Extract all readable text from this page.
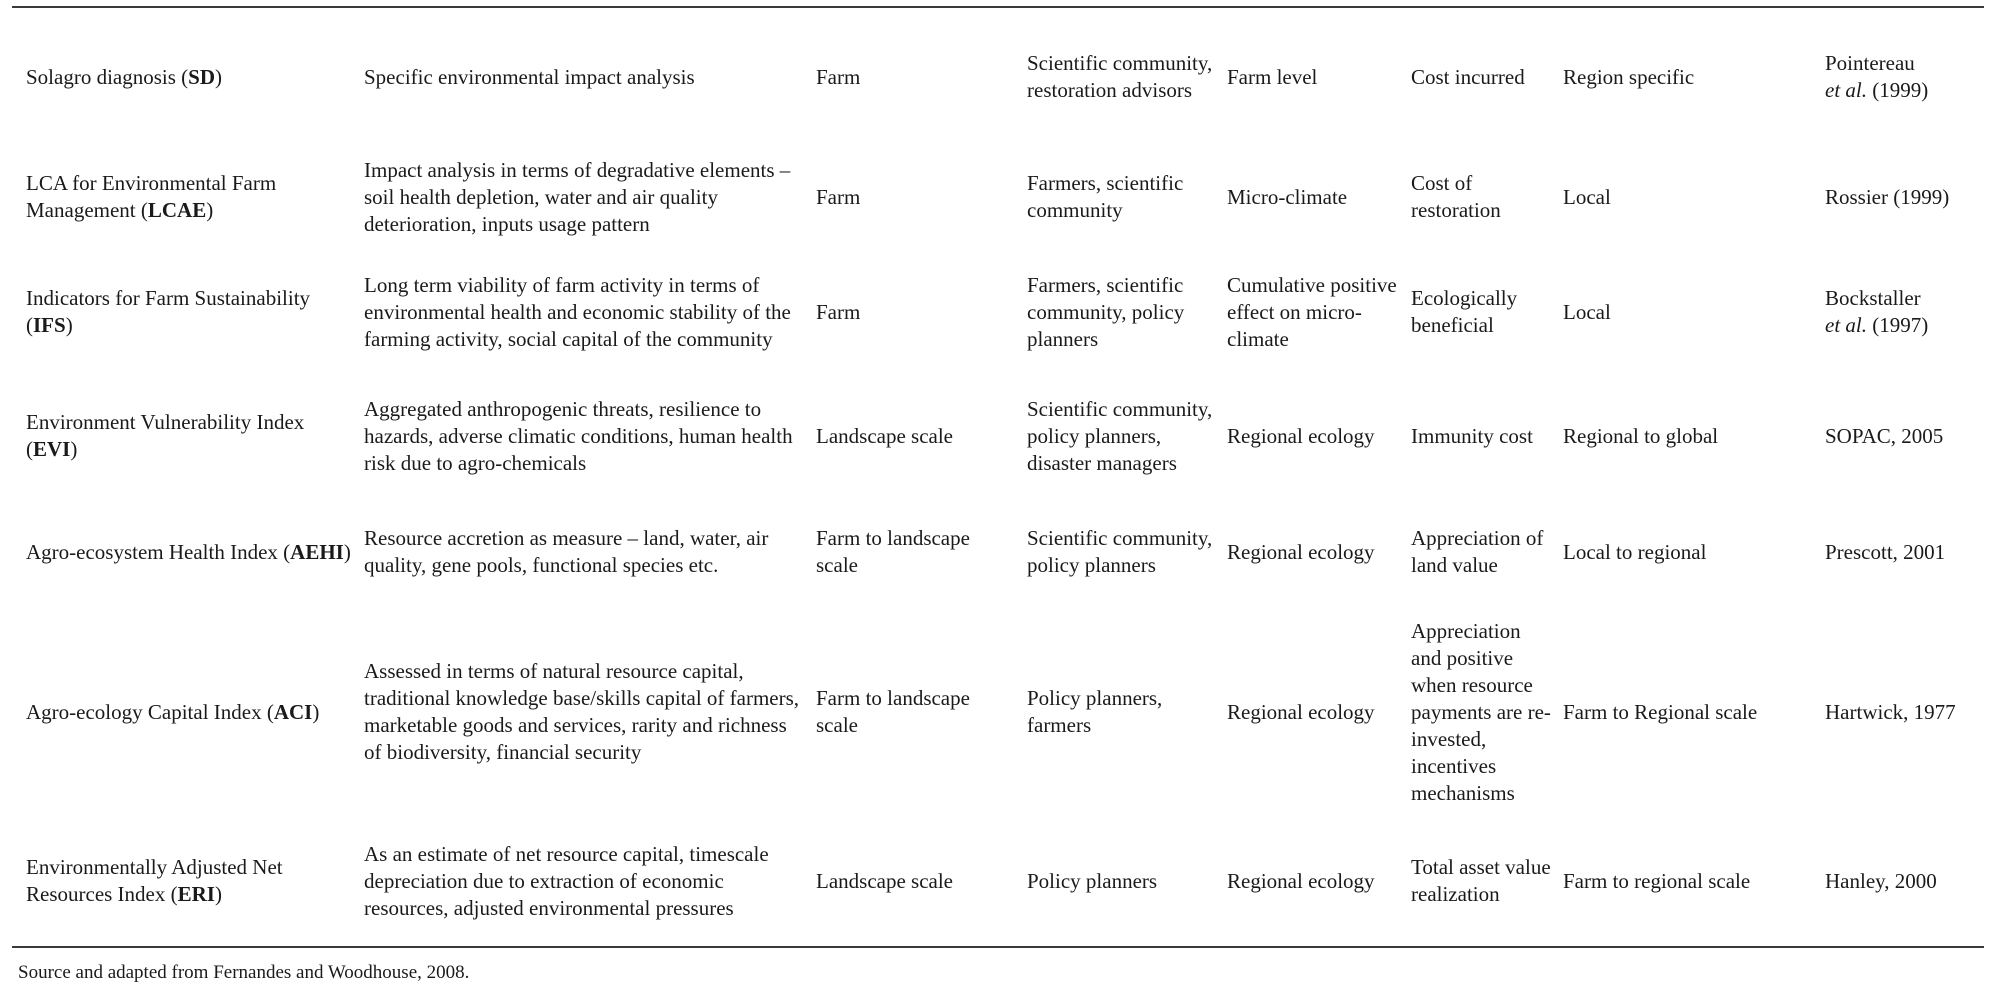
Solagro diagnosis (SD)	Specific environmental impact analysis	Farm	Scientific community, restoration advisors	Farm level	Cost incurred	Region specific	Pointereau
et al. (1999)
LCA for Environmental Farm Management (LCAE)	Impact analysis in terms of degradative elements – soil health depletion, water and air quality deterioration, inputs usage pattern	Farm	Farmers, scientific community	Micro-climate	Cost of restoration	Local	Rossier (1999)
Indicators for Farm Sustainability (IFS)	Long term viability of farm activity in terms of environmental health and economic stability of the farming activity, social capital of the community	Farm	Farmers, scientific community, policy planners	Cumulative positive effect on micro-climate	Ecologically beneficial	Local	Bockstaller
et al. (1997)
Environment Vulnerability Index (EVI)	Aggregated anthropogenic threats, resilience to hazards, adverse climatic conditions, human health risk due to agro-chemicals	Landscape scale	Scientific community, policy planners, disaster managers	Regional ecology	Immunity cost	Regional to global	SOPAC, 2005
Agro-ecosystem Health Index (AEHI)	Resource accretion as measure – land, water, air quality, gene pools, functional species etc.	Farm to landscape scale	Scientific community, policy planners	Regional ecology	Appreciation of land value	Local to regional	Prescott, 2001
Agro-ecology Capital Index (ACI)	Assessed in terms of natural resource capital, traditional knowledge base/skills capital of farmers, marketable goods and services, rarity and richness of biodiversity, financial security	Farm to landscape scale	Policy planners, farmers	Regional ecology	Appreciation and positive when resource payments are re-invested, incentives mechanisms	Farm to Regional scale	Hartwick, 1977
Environmentally Adjusted Net Resources Index (ERI)	As an estimate of net resource capital, timescale depreciation due to extraction of economic resources, adjusted environmental pressures	Landscape scale	Policy planners	Regional ecology	Total asset value realization	Farm to regional scale	Hanley, 2000
Source and adapted from Fernandes and Woodhouse, 2008.
